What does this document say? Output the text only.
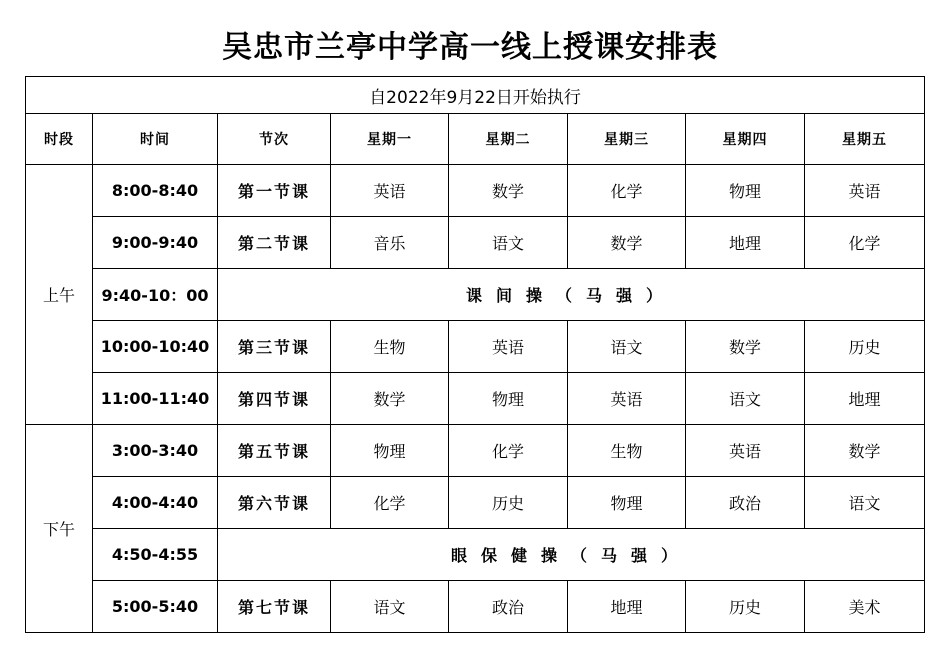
吴忠市兰亭中学高一线上授课安排表
自2022年9月22日开始执行							
时段	时间	节次	星期一	星期二	星期三	星期四	星期五
上午	8:00-8:40	第一节课	英语	数学	化学	物理	英语
	9:00-9:40	第二节课	音乐	语文	数学	地理	化学
	9:40-10：00	课间操（马强）					
	10:00-10:40	第三节课	生物	英语	语文	数学	历史
	11:00-11:40	第四节课	数学	物理	英语	语文	地理
下午	3:00-3:40	第五节课	物理	化学	生物	英语	数学
	4:00-4:40	第六节课	化学	历史	物理	政治	语文
	4:50-4:55	眼保健操（马强）					
	5:00-5:40	第七节课	语文	政治	地理	历史	美术
